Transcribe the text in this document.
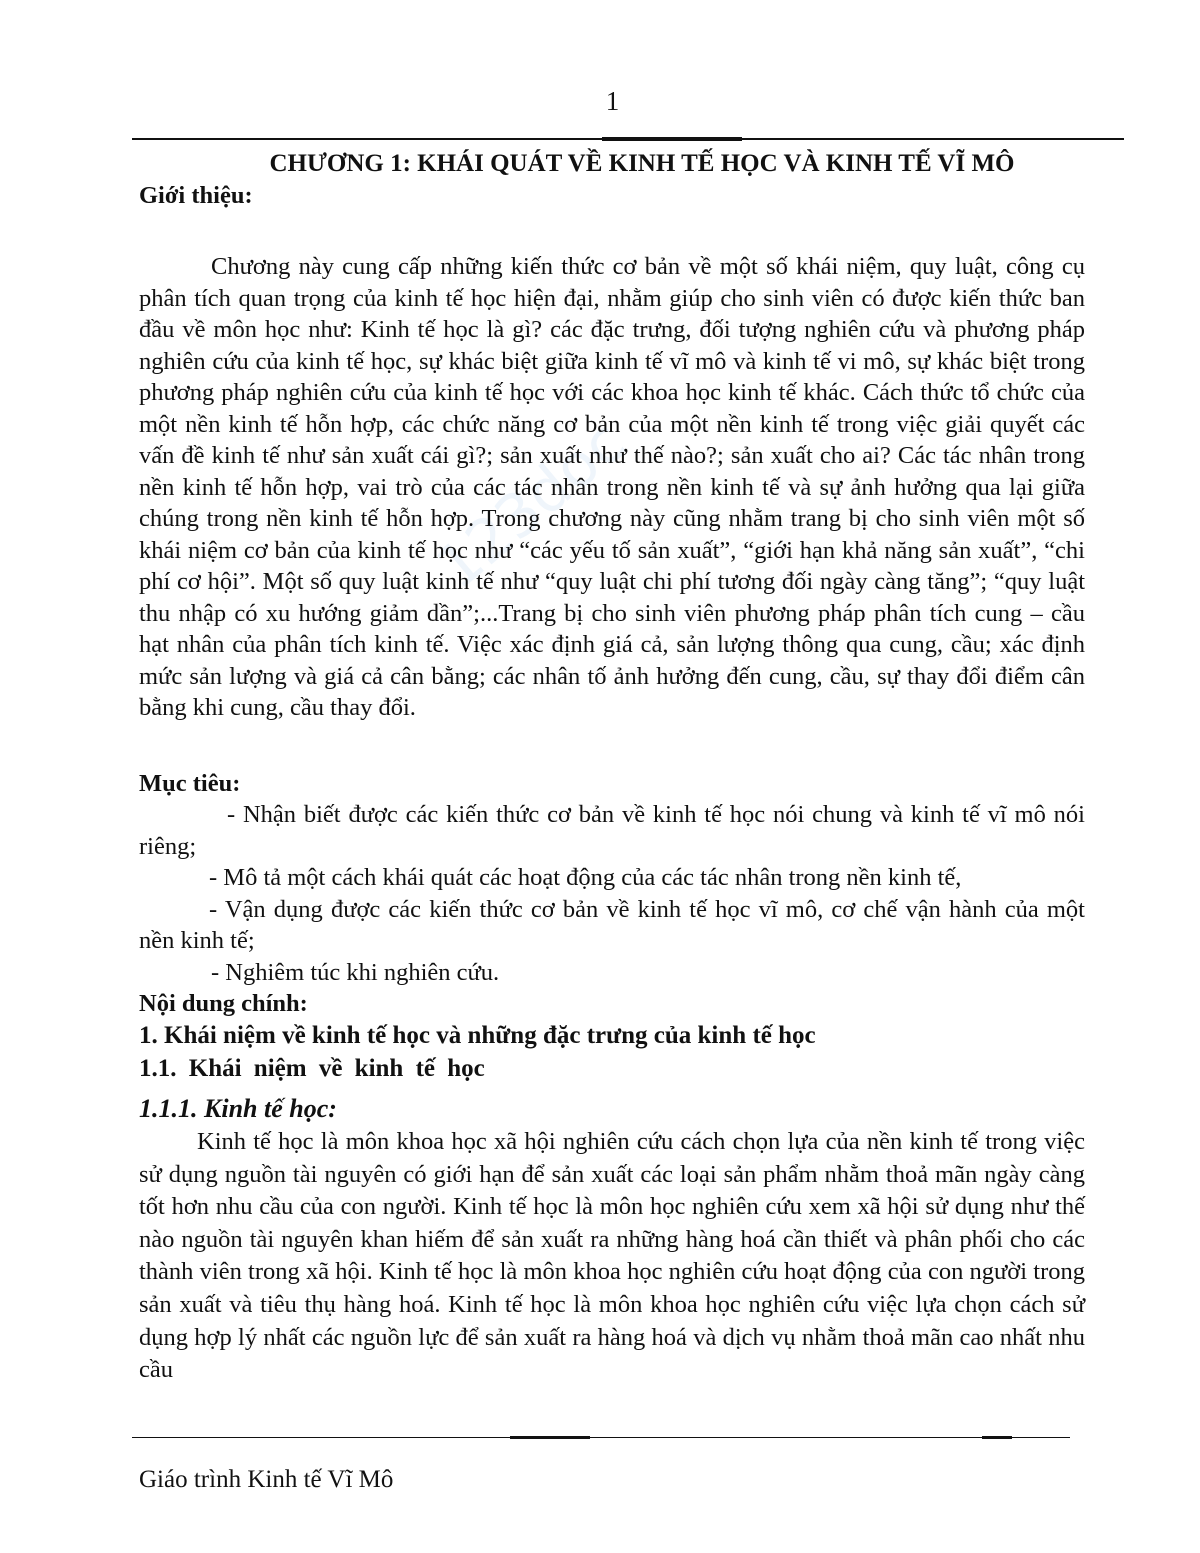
1
123doc

CHƯƠNG 1: KHÁI QUÁT VỀ KINH TẾ HỌC VÀ KINH TẾ VĨ MÔ

Giới thiệu:

Chương này cung cấp những kiến thức cơ bản về một số khái niệm, quy luật, công cụ phân tích quan trọng của kinh tế học hiện đại, nhằm giúp cho sinh viên có được kiến thức ban đầu về môn học như: Kinh tế học là gì? các đặc trưng, đối tượng nghiên cứu và phương pháp nghiên cứu của kinh tế học, sự khác biệt giữa kinh tế vĩ mô và kinh tế vi mô, sự khác biệt trong phương pháp nghiên cứu của kinh tế học với các khoa học kinh tế khác. Cách thức tổ chức của một nền kinh tế hỗn hợp, các chức năng cơ bản của một nền kinh tế trong việc giải quyết các vấn đề kinh tế như sản xuất cái gì?; sản xuất như thế nào?; sản xuất cho ai? Các tác nhân trong nền kinh tế hỗn hợp, vai trò của các tác nhân trong nền kinh tế và sự ảnh hưởng qua lại giữa chúng trong nền kinh tế hỗn hợp. Trong chương này cũng nhằm trang bị cho sinh viên một số khái niệm cơ bản của kinh tế học như “các yếu tố sản xuất”, “giới hạn khả năng sản xuất”, “chi phí cơ hội”. Một số quy luật kinh tế như “quy luật chi phí tương đối ngày càng tăng”; “quy luật thu nhập có xu hướng giảm dần”;...Trang bị cho sinh viên phương pháp phân tích cung – cầu hạt nhân của phân tích kinh tế. Việc xác định giá cả, sản lượng thông qua cung, cầu; xác định mức sản lượng và giá cả cân bằng; các nhân tố ảnh hưởng đến cung, cầu, sự thay đổi điểm cân bằng khi cung, cầu thay đổi.

Mục tiêu:

- Nhận biết được các kiến thức cơ bản về kinh tế học nói chung và kinh tế vĩ mô nói riêng;

- Mô tả một cách khái quát các hoạt động của các tác nhân trong nền kinh tế,

- Vận dụng được các kiến thức cơ bản về kinh tế học vĩ mô, cơ chế vận hành của một nền kinh tế;

- Nghiêm túc khi nghiên cứu.

Nội dung chính:

1. Khái niệm về kinh tế học và những đặc trưng của kinh tế học

1.1. Khái niệm về kinh tế học

1.1.1. Kinh tế học:

Kinh tế học là môn khoa học xã hội nghiên cứu cách chọn lựa của nền kinh tế trong việc sử dụng nguồn tài nguyên có giới hạn để sản xuất các loại sản phẩm nhằm thoả mãn ngày càng tốt hơn nhu cầu của con người. Kinh tế học là môn học nghiên cứu xem xã hội sử dụng như thế nào nguồn tài nguyên khan hiếm để sản xuất ra những hàng hoá cần thiết và phân phối cho các thành viên trong xã hội. Kinh tế học là môn khoa học nghiên cứu hoạt động của con người trong sản xuất và tiêu thụ hàng hoá. Kinh tế học là môn khoa học nghiên cứu việc lựa chọn cách sử dụng hợp lý nhất các nguồn lực để sản xuất ra hàng hoá và dịch vụ nhằm thoả mãn cao nhất nhu cầu

Giáo trình Kinh tế Vĩ Mô
